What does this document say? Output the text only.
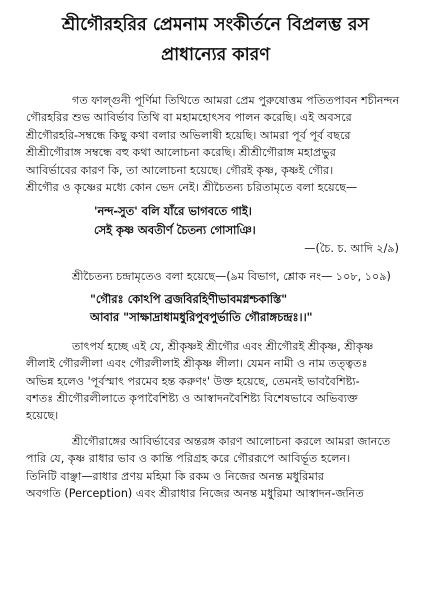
শ্রীগৌরহরির প্রেমনাম সংকীর্তনে বিপ্রলম্ভ রস
প্রাধান্যের কারণ

গত ফাল্গুনী পূর্ণিমা তিথিতে আমরা প্রেম পুরুষোত্তম পতিতপাবন শচীনন্দন
গৌরহরির শুভ আবির্ভাব তিথি বা মহামহোৎসব পালন করেছি। এই অবসরে
শ্রীগৌরহরি-সম্বন্ধে কিছু কথা বলার অভিলাষী হয়েছি। আমরা পূর্ব পূর্ব বছরে
শ্রীশ্রীগৌরাঙ্গ সম্বন্ধে বহু কথা আলোচনা করেছি। শ্রীশ্রীগৌরাঙ্গ মহাপ্রভুর
আবির্ভাবের কারণ কি, তা আলোচনা হয়েছে। গৌরই কৃষ্ণ, কৃষ্ণই গৌর।
শ্রীগৌর ও কৃষ্ণের মধ্যে কোন ভেদ নেই। শ্রীচৈতন্য চরিতামৃতে বলা হয়েছে—

'নন্দ-সুত' বলি যাঁরে ভাগবতে গাই।
সেই কৃষ্ণ অবতীর্ণ চৈতন্য গোসাঞি।
—(চৈ. চ. আদি ২/৯)

শ্রীচৈতন্য চন্দ্রামৃতেও বলা হয়েছে—(৯ম বিভাগ, শ্লোক নং— ১০৮, ১০৯)

"গৌরঃ কোঽপি ব্রজবিরহিণীভাবমগ্নশ্চকাস্তি"
আবার "সাক্ষাদ্রাধামধুরিপুবপুর্ভাতি গৌরাঙ্গচন্দ্রঃ।।"

তাৎপর্য হচ্ছে এই যে, শ্রীকৃষ্ণই শ্রীগৌর এবং শ্রীগৌরই শ্রীকৃষ্ণ, শ্রীকৃষ্ণ
লীলাই গৌরলীলা এবং গৌরলীলাই শ্রীকৃষ্ণ লীলা। যেমন নামী ও নাম তত্ত্বতঃ
অভিন্ন হলেও 'পূর্বস্মাৎ পরমেব হন্ত করুণং' উক্ত হয়েছে, তেমনই ভাববৈশিষ্ট্য-
বশতঃ শ্রীগৌরলীলাতে কৃপাবৈশিষ্ট্য ও আস্বাদনবৈশিষ্ট্য বিশেষভাবে অভিব্যক্ত
হয়েছে।

শ্রীগৌরাঙ্গের আবির্ভাবের অন্তরঙ্গ কারণ আলোচনা করলে আমরা জানতে
পারি যে, কৃষ্ণ রাধার ভাব ও কান্তি পরিগ্রহ করে গৌররূপে আবির্ভূত হলেন।
তিনিটি বাঞ্ছা—রাধার প্রণয় মহিমা কি রকম ও নিজের অনন্ত মধুরিমার
অবগতি (Perception) এবং শ্রীরাধার নিজের অনন্ত মধুরিমা আস্বাদন-জনিত
